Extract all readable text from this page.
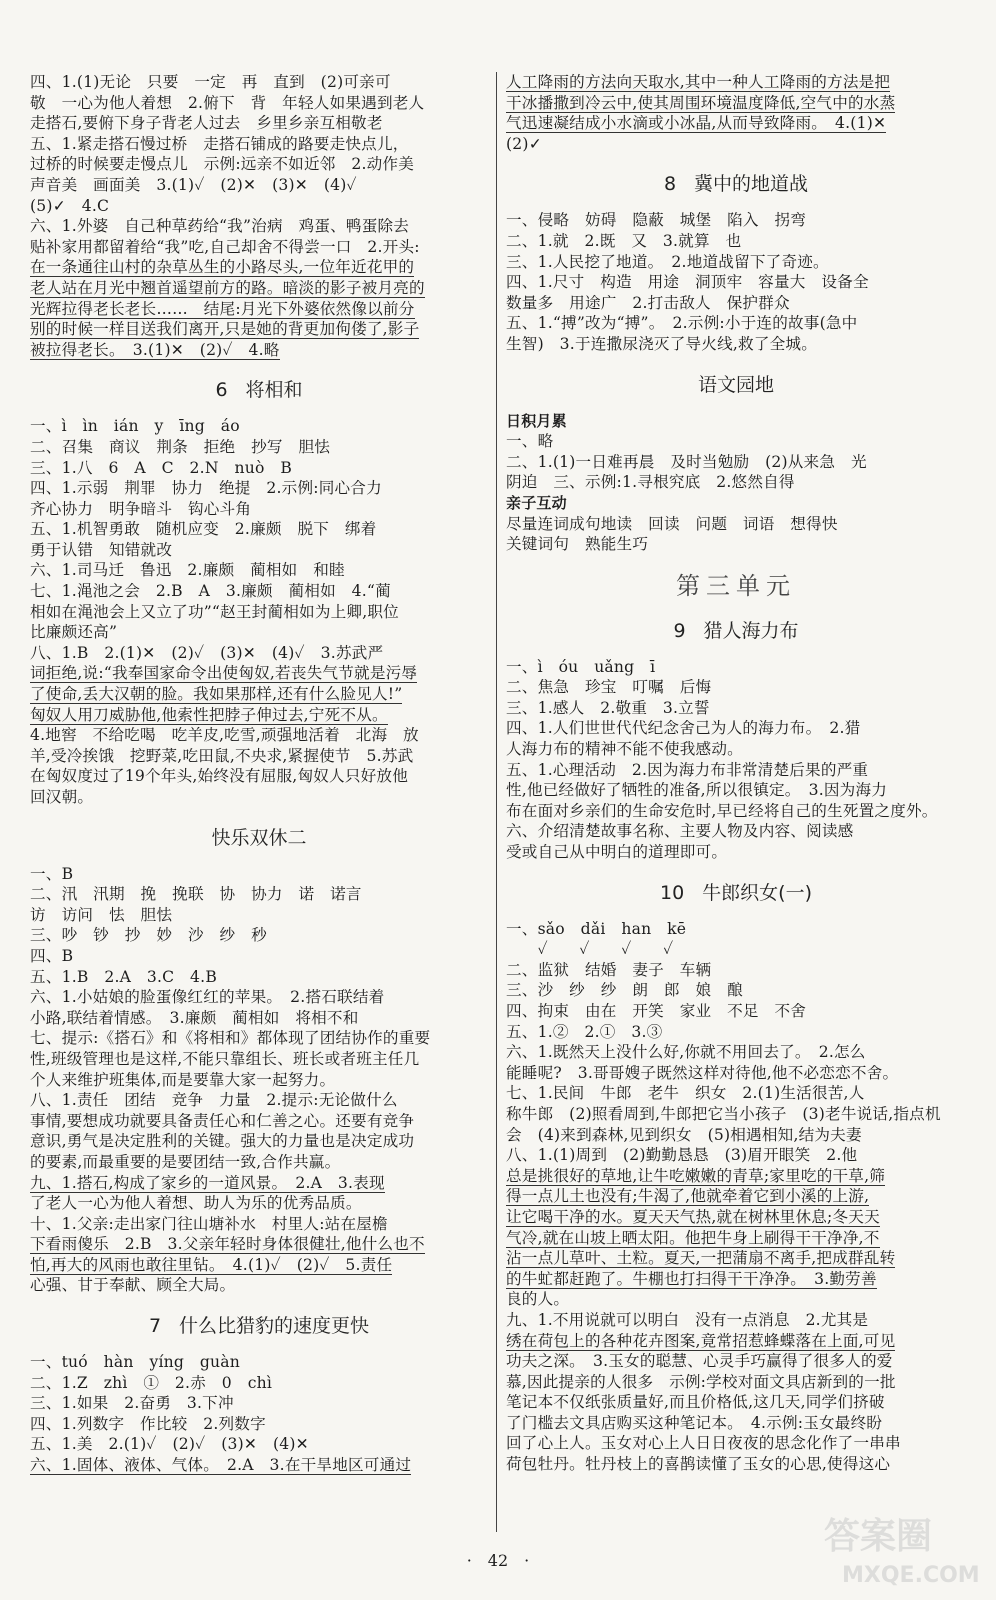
四、1.(1)无论　只要　一定　再　直到　(2)可亲可
敬　一心为他人着想　2.俯下　背　年轻人如果遇到老人
走搭石,要俯下身子背老人过去　乡里乡亲互相敬老
五、1.紧走搭石慢过桥　走搭石铺成的路要走快点儿，
过桥的时候要走慢点儿　示例:远亲不如近邻　2.动作美
声音美　画面美　3.(1)✓　(2)✕　(3)✕　(4)✓
(5)✓　4.C
六、1.外婆　自己种草药给“我”治病　鸡蛋、鸭蛋除去
贴补家用都留着给“我”吃,自己却舍不得尝一口　2.开头:
在一条通往山村的杂草丛生的小路尽头,一位年近花甲的
老人站在月光中翘首遥望前方的路。暗淡的影子被月亮的
光辉拉得老长老长……　结尾:月光下外婆依然像以前分
别的时候一样目送我们离开,只是她的背更加佝偻了,影子
被拉得老长。　3.(1)✕　(2)✓　4.略
6 将相和
一、ì　ìn　ián　y　īng　áo
二、召集　商议　荆条　拒绝　抄写　胆怯
三、1.八　6　A　C　2.N　nuò　B
四、1.示弱　荆罪　协力　绝提　2.示例:同心合力
齐心协力　明争暗斗　钩心斗角
五、1.机智勇敢　随机应变　2.廉颇　脱下　绑着
勇于认错　知错就改
六、1.司马迁　鲁迅　2.廉颇　蔺相如　和睦
七、1.渑池之会　2.B　A　3.廉颇　蔺相如　4.“蔺
相如在渑池会上又立了功”“赵王封蔺相如为上卿,职位
比廉颇还高”
八、1.B　2.(1)✕　(2)✓　(3)✕　(4)✓　3.苏武严
词拒绝,说:“我奉国家命令出使匈奴,若丧失气节就是污辱
了使命,丢大汉朝的脸。我如果那样,还有什么脸见人!”
匈奴人用刀威胁他,他索性把脖子伸过去,宁死不从。
4.地窖　不给吃喝　吃羊皮,吃雪,顽强地活着　北海　放
羊,受冷挨饿　挖野菜,吃田鼠,不央求,紧握使节　5.苏武
在匈奴度过了19个年头,始终没有屈服,匈奴人只好放他
回汉朝。
快乐双休二
一、B
二、汛　汛期　挽　挽联　协　协力　诺　诺言
访　访问　怯　胆怯
三、吵　钞　抄　妙　沙　纱　秒
四、B
五、1.B　2.A　3.C　4.B
六、1.小姑娘的脸蛋像红红的苹果。　2.搭石联结着
小路,联结着情感。　3.廉颇　蔺相如　将相不和
七、提示:《搭石》和《将相和》都体现了团结协作的重要
性,班级管理也是这样,不能只靠组长、班长或者班主任几
个人来维护班集体,而是要靠大家一起努力。
八、1.责任　团结　竞争　力量　2.提示:无论做什么
事情,要想成功就要具备责任心和仁善之心。还要有竞争
意识,勇气是决定胜利的关键。强大的力量也是决定成功
的要素,而最重要的是要团结一致,合作共赢。
九、1.搭石,构成了家乡的一道风景。　2.A　3.表现
了老人一心为他人着想、助人为乐的优秀品质。
十、1.父亲:走出家门往山塘补水　村里人:站在屋檐
下看雨傻乐　2.B　3.父亲年轻时身体很健壮,他什么也不
怕,再大的风雨也敢往里钻。　4.(1)✓　(2)✓　5.责任
心强、甘于奉献、顾全大局。
7 什么比猎豹的速度更快
一、tuó　hàn　yíng　guàn
二、1.Z　zhì　①　2.赤　0　chì
三、1.如果　2.奋勇　3.下冲
四、1.列数字　作比较　2.列数字
五、1.美　2.(1)✓　(2)✓　(3)✕　(4)✕
六、1.固体、液体、气体。　2.A　3.在干旱地区可通过
人工降雨的方法向天取水,其中一种人工降雨的方法是把
干冰播撒到冷云中,使其周围环境温度降低,空气中的水蒸
气迅速凝结成小水滴或小冰晶,从而导致降雨。　4.(1)✕
(2)✓
8 冀中的地道战
一、侵略　妨碍　隐蔽　城堡　陷入　拐弯
二、1.就　2.既　又　3.就算　也
三、1.人民挖了地道。　2.地道战留下了奇迹。
四、1.尺寸　构造　用途　洞顶牢　容量大　设备全
数量多　用途广　2.打击敌人　保护群众
五、1.“搏”改为“搏”。　2.示例:小于连的故事(急中
生智)　3.于连撒尿浇灭了导火线,救了全城。
语文园地
日积月累
一、略
二、1.(1)一日难再晨　及时当勉励　(2)从来急　光
阴迫　三、示例:1.寻根究底　2.悠然自得
亲子互动
尽量连词成句地读　回读　问题　词语　想得快
关键词句　熟能生巧
第三单元
9 猎人海力布
一、ì　óu　uǎng　ī
二、焦急　珍宝　叮嘱　后悔
三、1.感人　2.敬重　3.立誓
四、1.人们世世代代纪念舍己为人的海力布。　2.猎
人海力布的精神不能不使我感动。
五、1.心理活动　2.因为海力布非常清楚后果的严重
性,他已经做好了牺牲的准备,所以很镇定。　3.因为海力
布在面对乡亲们的生命安危时,早已经将自己的生死置之度外。
六、介绍清楚故事名称、主要人物及内容、阅读感
受或自己从中明白的道理即可。
10 牛郎织女(一)
一、sǎo　dǎi　han　kē
　　✓　　✓　　✓　　✓
二、监狱　结婚　妻子　车辆
三、沙　纱　纱　朗　郎　娘　酿
四、拘束　由在　开笑　家业　不足　不舍
五、1.②　2.①　3.③
六、1.既然天上没什么好,你就不用回去了。　2.怎么
能睡呢?　3.哥哥嫂子既然这样对待他,他不必恋恋不舍。
七、1.民间　牛郎　老牛　织女　2.(1)生活很苦,人
称牛郎　(2)照看周到,牛郎把它当小孩子　(3)老牛说话,指点机
会　(4)来到森林,见到织女　(5)相遇相知,结为夫妻
八、1.(1)周到　(2)勤勤恳恳　(3)眉开眼笑　2.他
总是挑很好的草地,让牛吃嫩嫩的青草;家里吃的干草,筛
得一点儿土也没有;牛渴了,他就牵着它到小溪的上游,
让它喝干净的水。夏天天气热,就在树林里休息;冬天天
气冷,就在山坡上晒太阳。他把牛身上刷得干干净净,不
沾一点儿草叶、土粒。夏天,一把蒲扇不离手,把成群乱转
的牛虻都赶跑了。牛棚也打扫得干干净净。　3.勤劳善
良的人。
九、1.不用说就可以明白　没有一点消息　2.尤其是
绣在荷包上的各种花卉图案,竟常招惹蜂蝶落在上面,可见
功夫之深。　3.玉女的聪慧、心灵手巧赢得了很多人的爱
慕,因此提亲的人很多　示例:学校对面文具店新到的一批
笔记本不仅纸张质量好,而且价格低,这几天,同学们挤破
了门槛去文具店购买这种笔记本。　4.示例:玉女最终盼
回了心上人。玉女对心上人日日夜夜的思念化作了一串串
荷包牡丹。牡丹枝上的喜鹊读懂了玉女的心思,使得这心
·　42　·
答案圈
MXQE.COM
